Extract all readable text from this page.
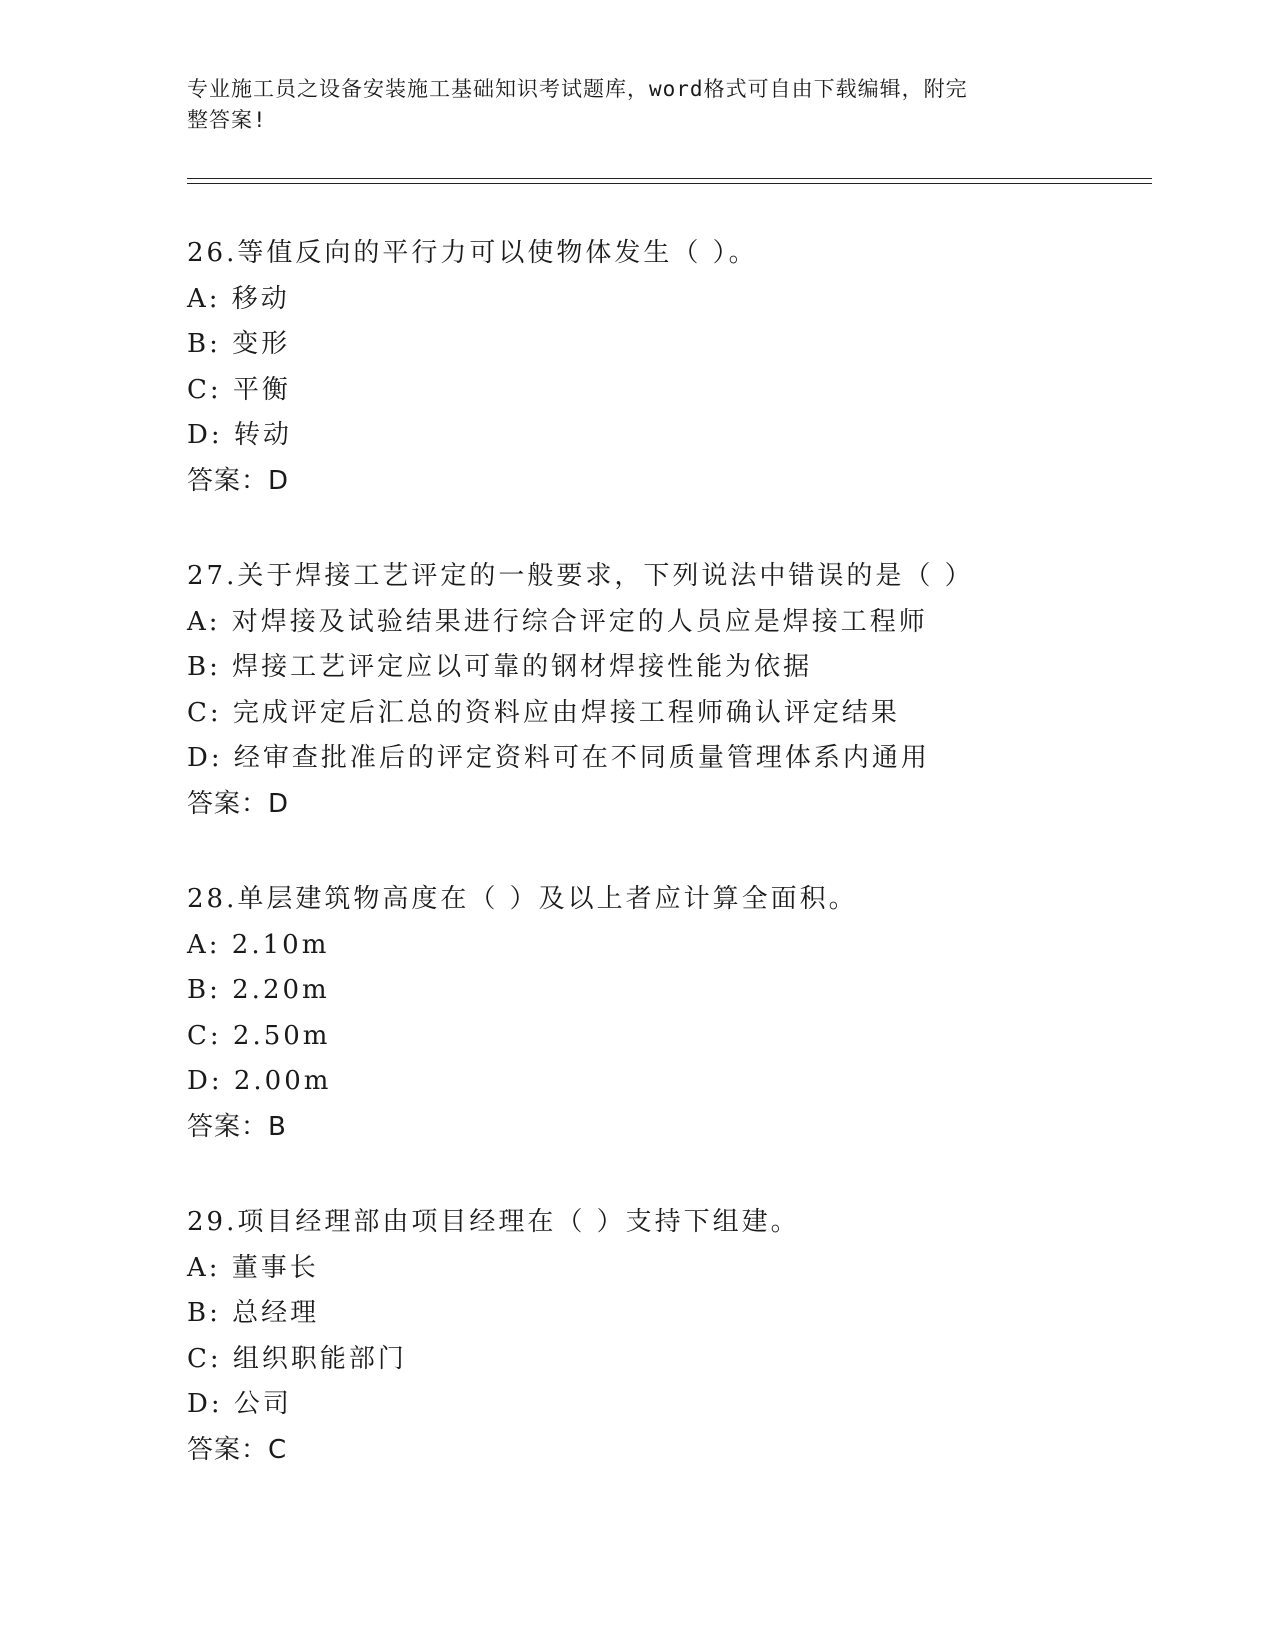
专业施工员之设备安装施工基础知识考试题库，word格式可自由下载编辑，附完
整答案!
26.等值反向的平行力可以使物体发生（ ）。
A: 移动
B: 变形
C: 平衡
D: 转动
答案：D
27.关于焊接工艺评定的一般要求，下列说法中错误的是（ ）
A: 对焊接及试验结果进行综合评定的人员应是焊接工程师
B: 焊接工艺评定应以可靠的钢材焊接性能为依据
C: 完成评定后汇总的资料应由焊接工程师确认评定结果
D: 经审查批准后的评定资料可在不同质量管理体系内通用
答案：D
28.单层建筑物高度在（ ）及以上者应计算全面积。
A: 2.10m
B: 2.20m
C: 2.50m
D: 2.00m
答案：B
29.项目经理部由项目经理在（ ）支持下组建。
A: 董事长
B: 总经理
C: 组织职能部门
D: 公司
答案：C
